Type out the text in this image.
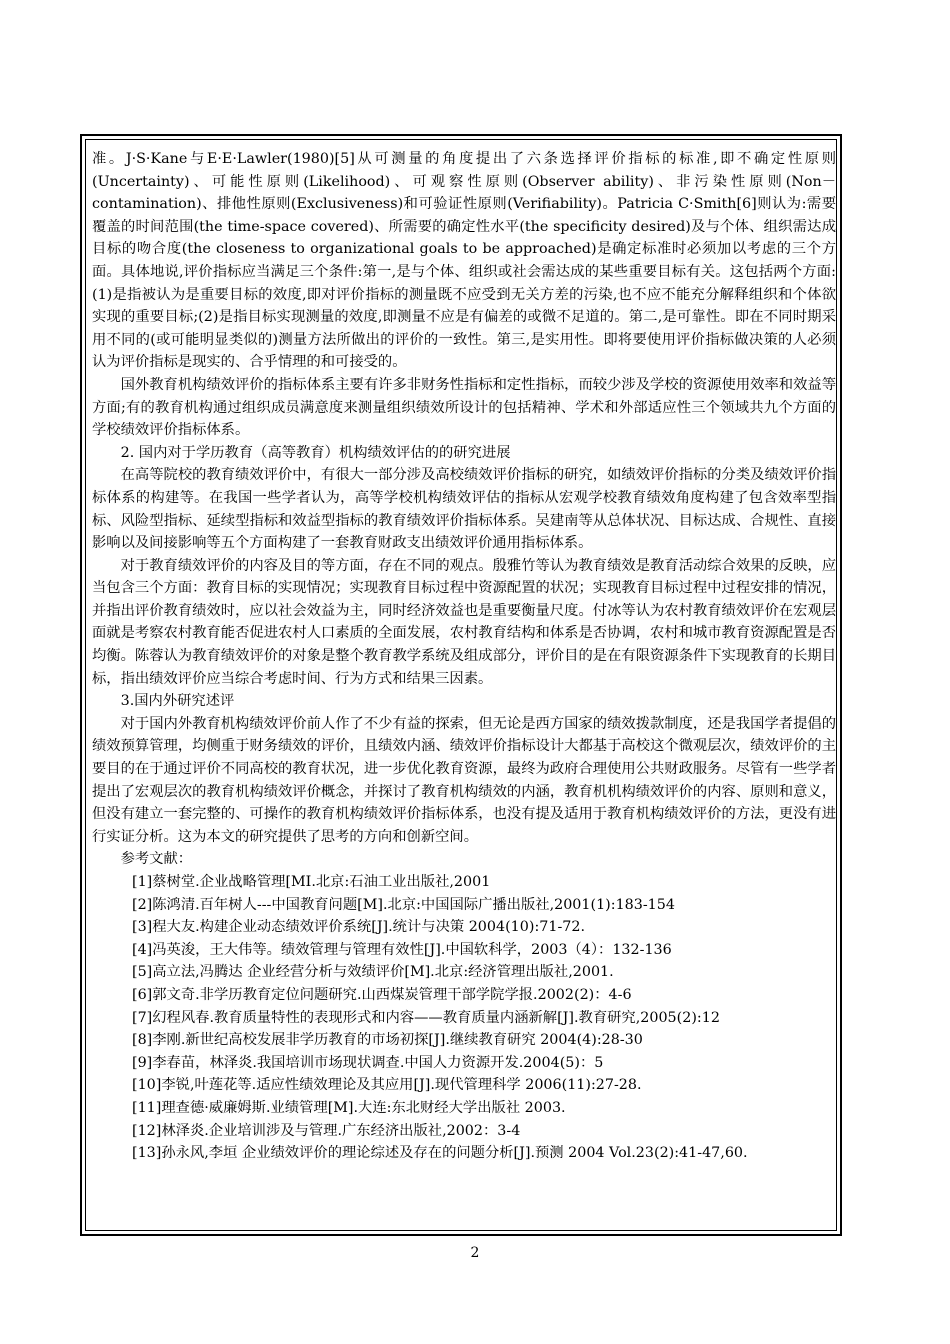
准。J·S·Kane与E·E·Lawler(1980)[5]从可测量的角度提出了六条选择评价指标的标准,即不确定性原则(Uncertainty)、可能性原则(Likelihood)、可观察性原则(Observer ability)、非污染性原则(Non－contamination)、排他性原则(Exclusiveness)和可验证性原则(Verifiability)。Patricia C·Smith[6]则认为:需要覆盖的时间范围(the time-space covered)、所需要的确定性水平(the specificity desired)及与个体、组织需达成目标的吻合度(the closeness to organizational goals to be approached)是确定标准时必须加以考虑的三个方面。具体地说,评价指标应当满足三个条件:第一,是与个体、组织或社会需达成的某些重要目标有关。这包括两个方面:(1)是指被认为是重要目标的效度,即对评价指标的测量既不应受到无关方差的污染,也不应不能充分解释组织和个体欲实现的重要目标;(2)是指目标实现测量的效度,即测量不应是有偏差的或微不足道的。第二,是可靠性。即在不同时期采用不同的(或可能明显类似的)测量方法所做出的评价的一致性。第三,是实用性。即将要使用评价指标做决策的人必须认为评价指标是现实的、合乎情理的和可接受的。

国外教育机构绩效评价的指标体系主要有许多非财务性指标和定性指标，而较少涉及学校的资源使用效率和效益等方面;有的教育机构通过组织成员满意度来测量组织绩效所设计的包括精神、学术和外部适应性三个领域共九个方面的学校绩效评价指标体系。

2. 国内对于学历教育（高等教育）机构绩效评估的的研究进展

在高等院校的教育绩效评价中，有很大一部分涉及高校绩效评价指标的研究，如绩效评价指标的分类及绩效评价指标体系的构建等。在我国一些学者认为，高等学校机构绩效评估的指标从宏观学校教育绩效角度构建了包含效率型指标、风险型指标、延续型指标和效益型指标的教育绩效评价指标体系。吴建南等从总体状况、目标达成、合规性、直接影响以及间接影响等五个方面构建了一套教育财政支出绩效评价通用指标体系。

对于教育绩效评价的内容及目的等方面，存在不同的观点。殷雅竹等认为教育绩效是教育活动综合效果的反映，应当包含三个方面：教育目标的实现情况；实现教育目标过程中资源配置的状况；实现教育目标过程中过程安排的情况，并指出评价教育绩效时，应以社会效益为主，同时经济效益也是重要衡量尺度。付冰等认为农村教育绩效评价在宏观层面就是考察农村教育能否促进农村人口素质的全面发展，农村教育结构和体系是否协调，农村和城市教育资源配置是否均衡。陈蓉认为教育绩效评价的对象是整个教育教学系统及组成部分，评价目的是在有限资源条件下实现教育的长期目标，指出绩效评价应当综合考虑时间、行为方式和结果三因素。

3.国内外研究述评

对于国内外教育机构绩效评价前人作了不少有益的探索，但无论是西方国家的绩效拨款制度，还是我国学者提倡的绩效预算管理，均侧重于财务绩效的评价，且绩效内涵、绩效评价指标设计大都基于高校这个微观层次，绩效评价的主要目的在于通过评价不同高校的教育状况，进一步优化教育资源，最终为政府合理使用公共财政服务。尽管有一些学者提出了宏观层次的教育机构绩效评价概念，并探讨了教育机构绩效的内涵，教育机机构绩效评价的内容、原则和意义，但没有建立一套完整的、可操作的教育机构绩效评价指标体系，也没有提及适用于教育机构绩效评价的方法，更没有进行实证分析。这为本文的研究提供了思考的方向和创新空间。

参考文献：

[1]蔡树堂.企业战略管理[MI.北京:石油工业出版社,2001

[2]陈鸿清.百年树人---中国教育问题[M].北京:中国国际广播出版社,2001(1):183-154

[3]程大友.构建企业动态绩效评价系统[J].统计与决策 2004(10):71-72.

[4]冯英浚，王大伟等。绩效管理与管理有效性[J].中国软科学，2003（4）：132-136

[5]高立法,冯腾达 企业经营分析与效绩评价[M].北京:经济管理出版社,2001.

[6]郭文奇.非学历教育定位问题研究.山西煤炭管理干部学院学报.2002(2)：4-6

[7]幻程风春.教育质量特性的表现形式和内容——教育质量内涵新解[J].教育研究,2005(2):12

[8]李刚.新世纪高校发展非学历教育的市场初探[J].继续教育研究 2004(4):28-30

[9]李春苗，林泽炎.我国培训市场现状调查.中国人力资源开发.2004(5)：5

[10]李锐,叶莲花等.适应性绩效理论及其应用[J].现代管理科学 2006(11):27-28.

[11]理查德·威廉姆斯.业绩管理[M].大连:东北财经大学出版社 2003.

[12]林泽炎.企业培训涉及与管理.广东经济出版社,2002：3-4

[13]孙永风,李垣 企业绩效评价的理论综述及存在的问题分析[J].预测 2004 Vol.23(2):41-47,60.

2
